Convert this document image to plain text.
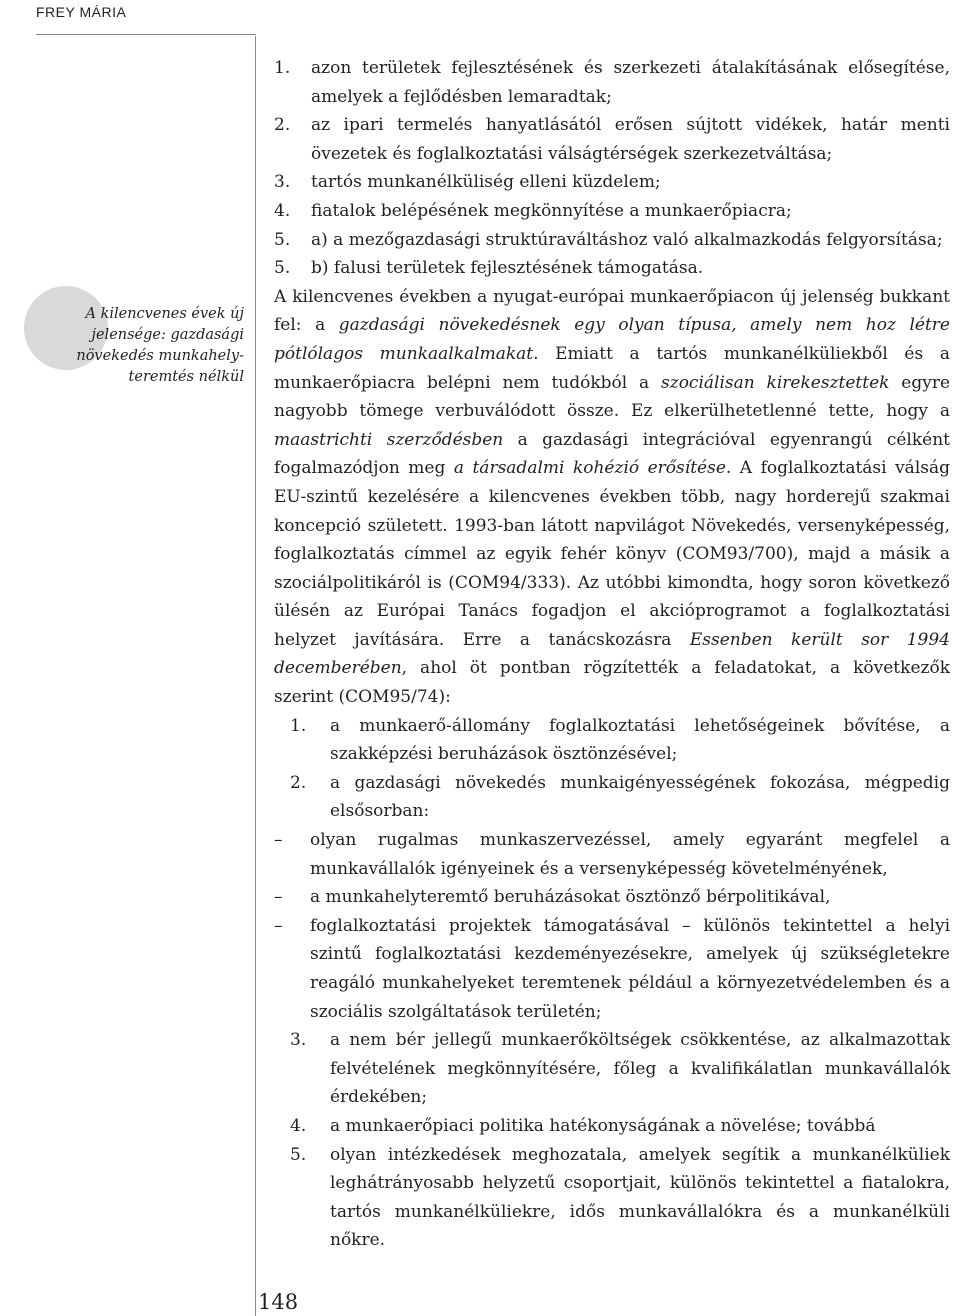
FREY MÁRIA
A kilencvenes évek új jelensége: gazdasági növekedés munkahely-teremtés nélkül
1.	azon területek fejlesztésének és szerkezeti átalakításának elősegítése, amelyek a fejlődésben lemaradtak;
2.	az ipari termelés hanyatlásától erősen sújtott vidékek, határ menti övezetek és foglalkoztatási válságtérségek szerkezetváltása;
3.	tartós munkanélküliség elleni küzdelem;
4.	fiatalok belépésének megkönnyítése a munkaerőpiacra;
5.	a) a mezőgazdasági struktúraváltáshoz való alkalmazkodás felgyorsítása;
5.	b) falusi területek fejlesztésének támogatása.

A kilencvenes években a nyugat-európai munkaerőpiacon új jelenség bukkant fel: a gazdasági növekedésnek egy olyan típusa, amely nem hoz létre pótlólagos munkaalkalmakat. Emiatt a tartós munkanélküliekből és a munkaerőpiacra belépni nem tudókból a szociálisan kirekesztettek egyre nagyobb tömege verbuválódott össze. Ez elkerülhetetlenné tette, hogy a maastrichti szerződésben a gazdasági integrációval egyenrangú célként fogalmazódjon meg a társadalmi kohézió erősítése. A foglalkoztatási válság EU-szintű kezelésére a kilencvenes években több, nagy horderejű szakmai koncepció született. 1993-ban látott napvilágot Növekedés, versenyképesség, foglalkoztatás címmel az egyik fehér könyv (COM93/700), majd a másik a szociálpolitikáról is (COM94/333). Az utóbbi kimondta, hogy soron következő ülésén az Európai Tanács fogadjon el akcióprogramot a foglalkoztatási helyzet javítására. Erre a tanácskozásra Essenben került sor 1994 decemberében, ahol öt pontban rögzítették a feladatokat, a következők szerint (COM95/74):

1.	a munkaerő-állomány foglalkoztatási lehetőségeinek bővítése, a szakképzési beruházások ösztönzésével;
2.	a gazdasági növekedés munkaigényességének fokozása, mégpedig elsősorban:
–	olyan rugalmas munkaszervezéssel, amely egyaránt megfelel a munkavállalók igényeinek és a versenyképesség követelményének,
–	a munkahelyteremtő beruházásokat ösztönző bérpolitikával,
–	foglalkoztatási projektek támogatásával – különös tekintettel a helyi szintű foglalkoztatási kezdeményezésekre, amelyek új szükségletekre reagáló munkahelyeket teremtenek például a környezetvédelemben és a szociális szolgáltatások területén;
3.	a nem bér jellegű munkaerőköltségek csökkentése, az alkalmazottak felvételének megkönnyítésére, főleg a kvalifikálatlan munkavállalók érdekében;
4.	a munkaerőpiaci politika hatékonyságának a növelése; továbbá
5.	olyan intézkedések meghozatala, amelyek segítik a munkanélküliek leghátrányosabb helyzetű csoportjait, különös tekintettel a fiatalokra, tartós munkanélküliekre, idős munkavállalókra és a munkanélküli nőkre.
148
